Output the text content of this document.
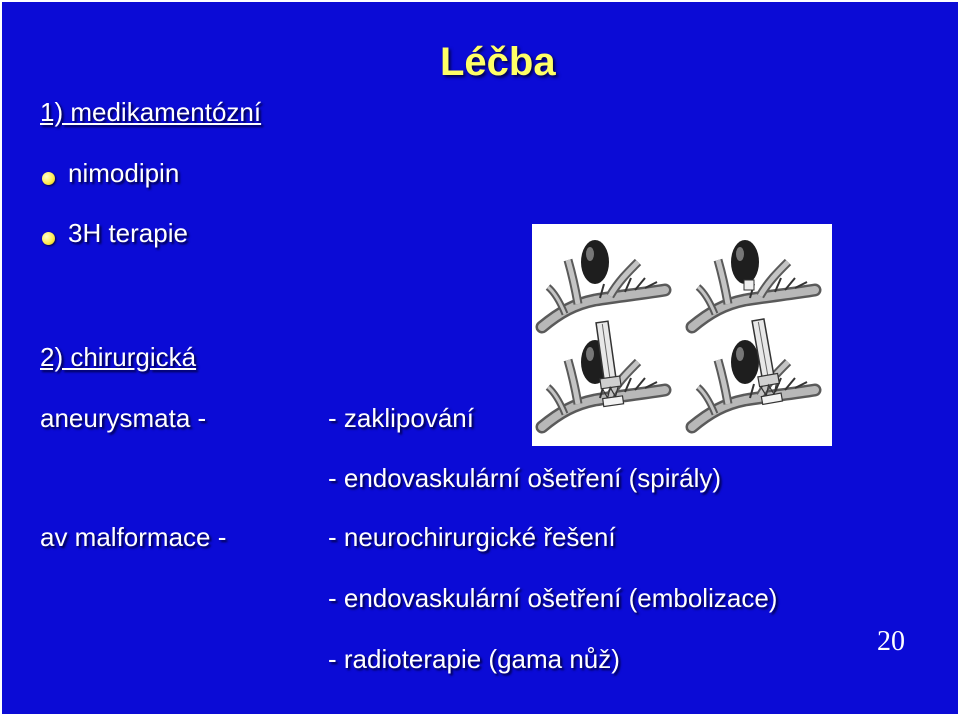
Léčba
1) medikamentózní
nimodipin
3H terapie
2) chirurgická
aneurysmata -
av malformace -
- zaklipování
- endovaskulární ošetření (spirály)
- neurochirurgické řešení
- endovaskulární ošetření (embolizace)
- radioterapie (gama nůž)
20
